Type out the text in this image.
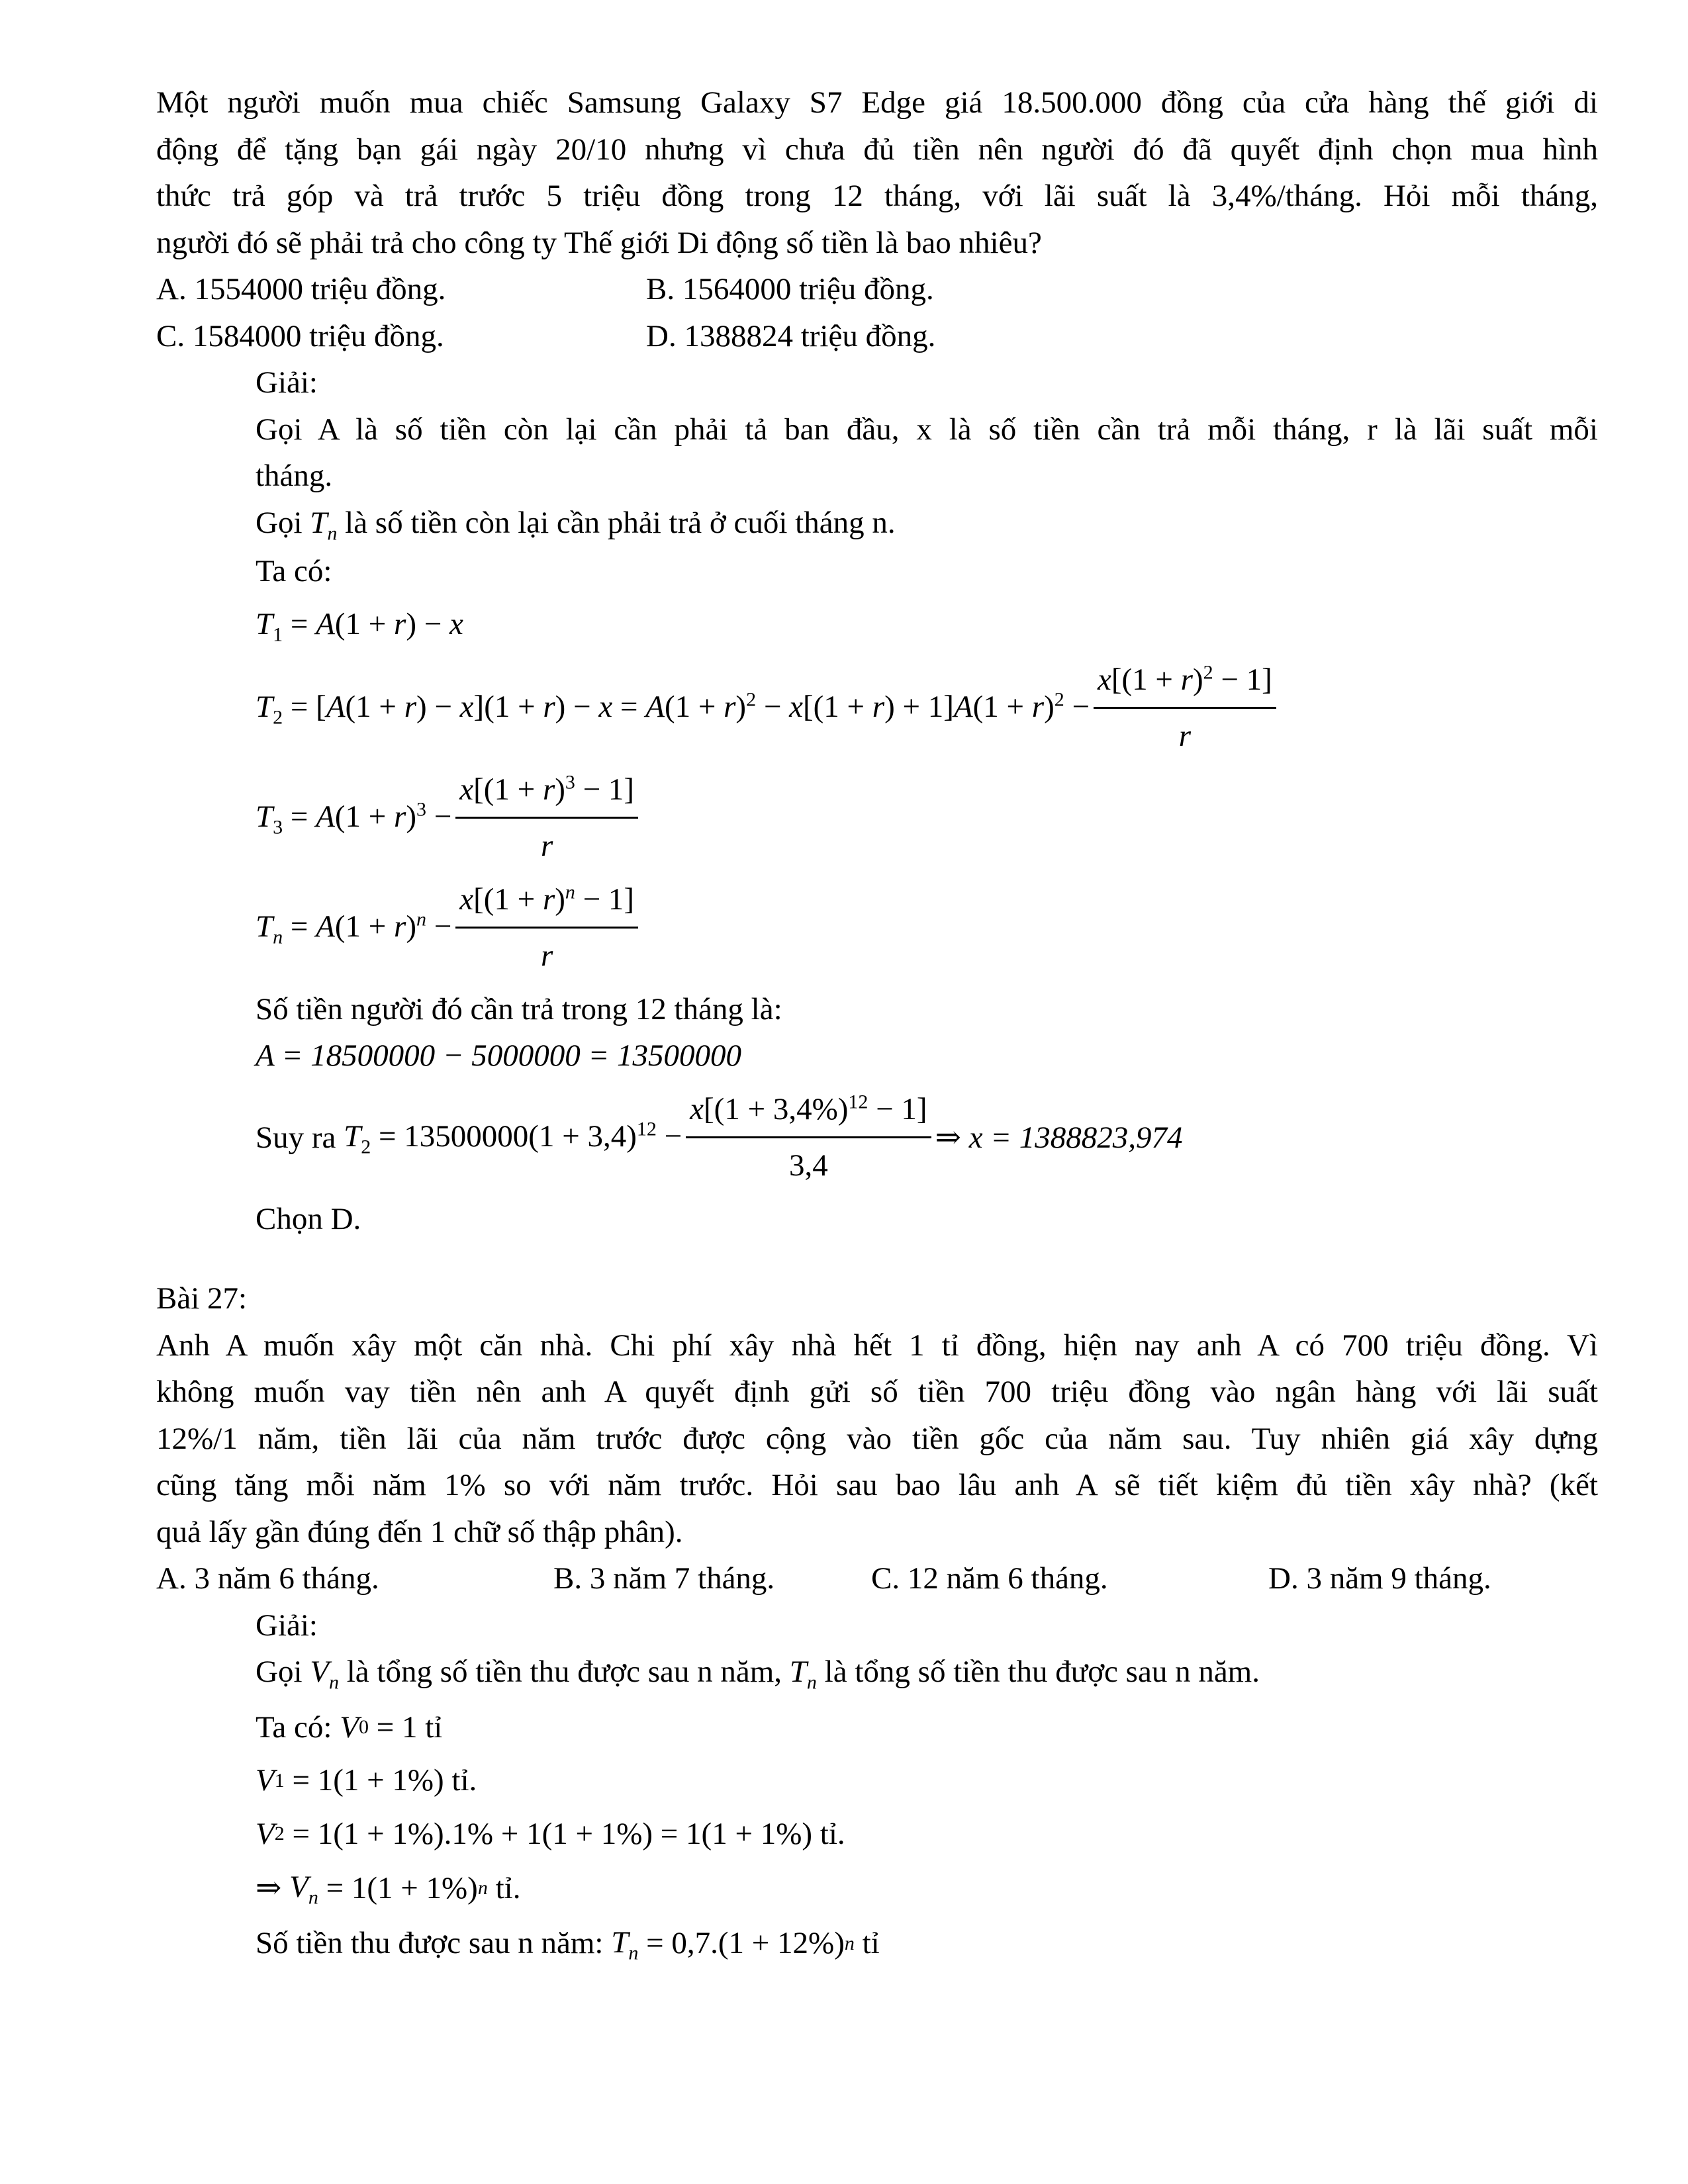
Một người muốn mua chiếc Samsung Galaxy S7 Edge giá 18.500.000 đồng của cửa hàng thế giới di

động để tặng bạn gái ngày 20/10 nhưng vì chưa đủ tiền nên người đó đã quyết định chọn mua hình

thức trả góp và trả trước 5 triệu đồng trong 12 tháng, với lãi suất là 3,4%/tháng. Hỏi mỗi tháng,

người đó sẽ phải trả cho công ty Thế giới Di động số tiền là bao nhiêu?

A. 1554000 triệu đồng.	B. 1564000 triệu đồng.
C. 1584000 triệu đồng.	D. 1388824 triệu đồng.

Giải:

Gọi A là số tiền còn lại cần phải tả ban đầu, x là số tiền cần trả mỗi tháng, r là lãi suất mỗi

tháng.

Gọi $T_n$ là số tiền còn lại cần phải trả ở cuối tháng n.

Ta có:

$T_1 = A(1 + r) - x$
$T_2 = [A(1 + r) - x](1 + r) - x = A(1 + r)^2 - x[(1 + r) + 1]A(1 + r)^2 - \frac{x[(1 + r)^2 - 1]}{r}$
$T_3 = A(1 + r)^3 - \frac{x[(1 + r)^3 - 1]}{r}$
$T_n = A(1 + r)^n - \frac{x[(1 + r)^n - 1]}{r}$

Số tiền người đó cần trả trong 12 tháng là:

A = 18500000 − 5000000 = 13500000

Suy ra
$T_2 = 13500000(1 + 3,4)^{12} - \frac{x[(1 + 3,4\%)^{12} - 1]}{3,4}$ ⇒ x = 1388823,974

Chọn D.

Bài 27:

Anh A muốn xây một căn nhà. Chi phí xây nhà hết 1 tỉ đồng, hiện nay anh A có 700 triệu đồng. Vì

không muốn vay tiền nên anh A quyết định gửi số tiền 700 triệu đồng vào ngân hàng với lãi suất

12%/1 năm, tiền lãi của năm trước được cộng vào tiền gốc của năm sau. Tuy nhiên giá xây dựng

cũng tăng mỗi năm 1% so với năm trước. Hỏi sau bao lâu anh A sẽ tiết kiệm đủ tiền xây nhà? (kết

quả lấy gần đúng đến 1 chữ số thập phân).

A. 3 năm 6 tháng.	B. 3 năm 7 tháng.	C. 12 năm 6 tháng.	D. 3 năm 9 tháng.

Giải:

Gọi $V_n$ là tổng số tiền thu được sau n năm, $T_n$ là tổng số tiền thu được sau n năm.

Ta có:
V 0
= 1 tỉ
V 1
= 1(1 + 1%) tỉ.
V 2
= 1(1 + 1%).1% + 1(1 + 1%) = 1(1 + 1%) tỉ.
⇒ $V_n$
= 1(1 + 1%) n
tỉ.
Số tiền thu được sau n năm:
$T_n$
= 0,7.(1 + 12%) n
tỉ
